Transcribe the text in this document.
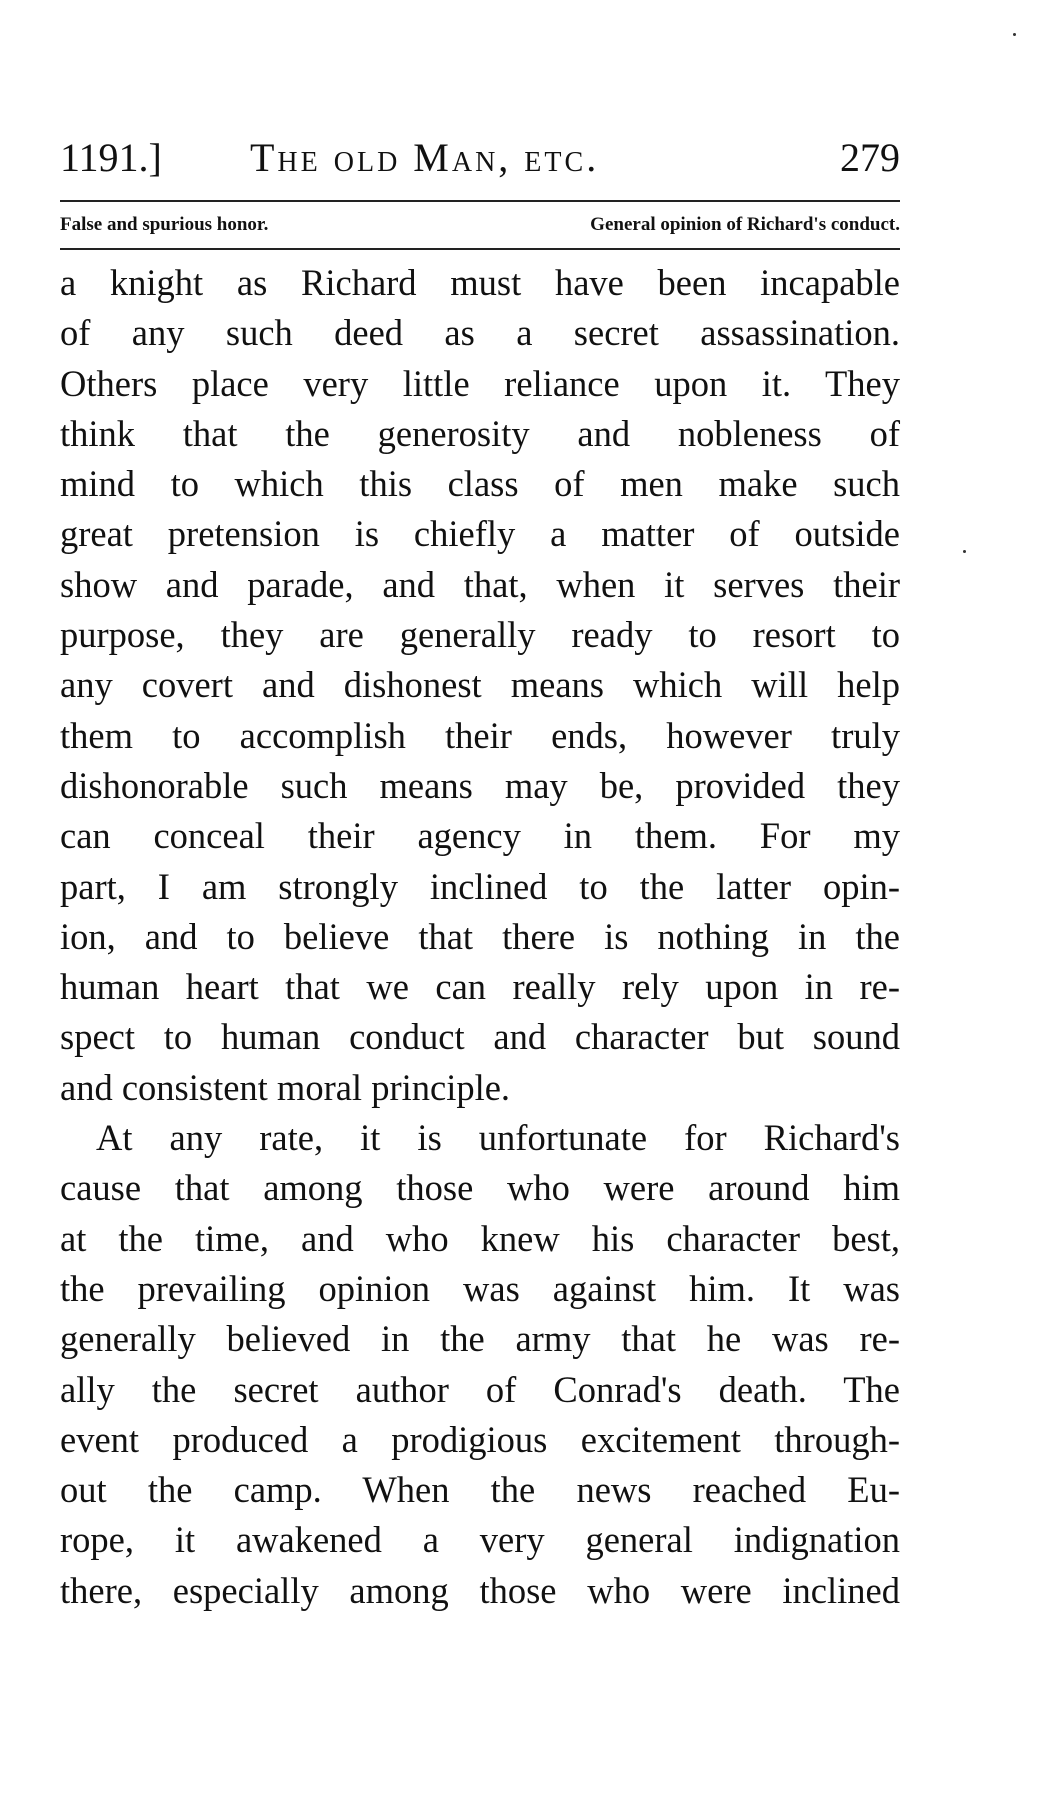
1191.] The old Man, etc.	279
False and spurious honor.	General opinion of Richard's conduct.
a knight as Richard must have been incapable
of any such deed as a secret assassination.
Others place very little reliance upon it. They
think that the generosity and nobleness of
mind to which this class of men make such
great pretension is chiefly a matter of outside
show and parade, and that, when it serves their
purpose, they are generally ready to resort to
any covert and dishonest means which will help
them to accomplish their ends, however truly
dishonorable such means may be, provided they
can conceal their agency in them. For my
part, I am strongly inclined to the latter opin-
ion, and to believe that there is nothing in the
human heart that we can really rely upon in re-
spect to human conduct and character but sound
and consistent moral principle.
At any rate, it is unfortunate for Richard's
cause that among those who were around him
at the time, and who knew his character best,
the prevailing opinion was against him. It was
generally believed in the army that he was re-
ally the secret author of Conrad's death. The
event produced a prodigious excitement through-
out the camp. When the news reached Eu-
rope, it awakened a very general indignation
there, especially among those who were inclined
